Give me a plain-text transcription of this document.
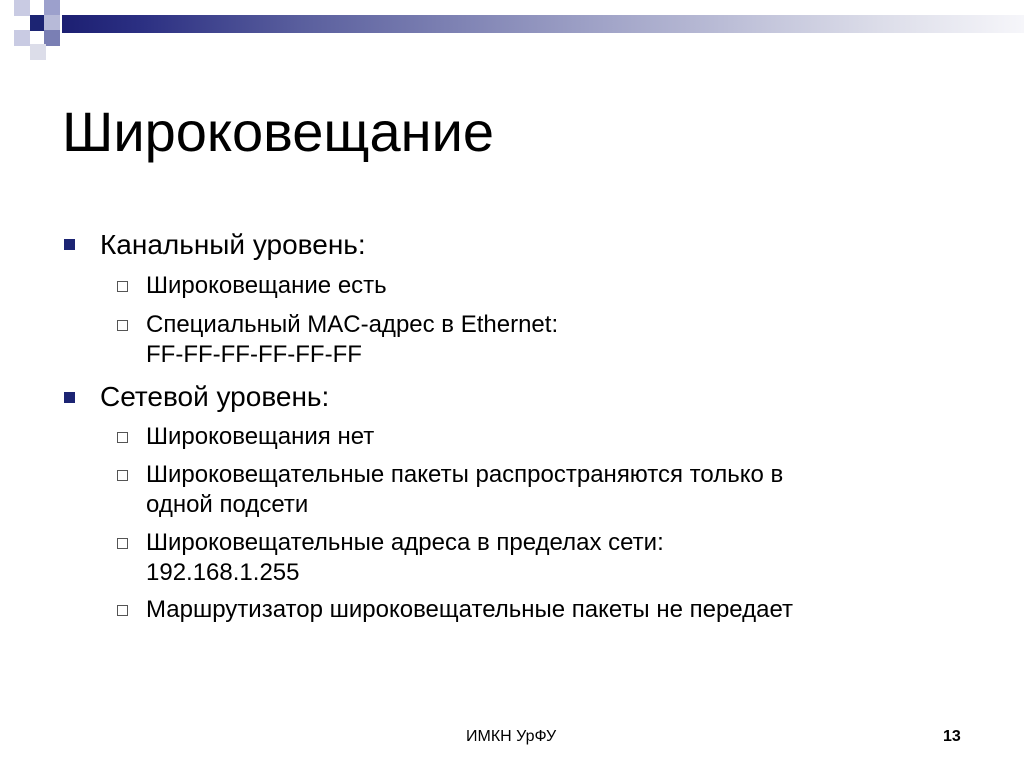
Широковещание
Канальный уровень:
Широковещание есть
Специальный MAC-адрес в Ethernet:
FF-FF-FF-FF-FF-FF
Сетевой уровень:
Широковещания нет
Широковещательные пакеты распространяются только в
одной подсети
Широковещательные адреса в пределах сети:
192.168.1.255
Маршрутизатор широковещательные пакеты не передает
ИМКН УрФУ	13
